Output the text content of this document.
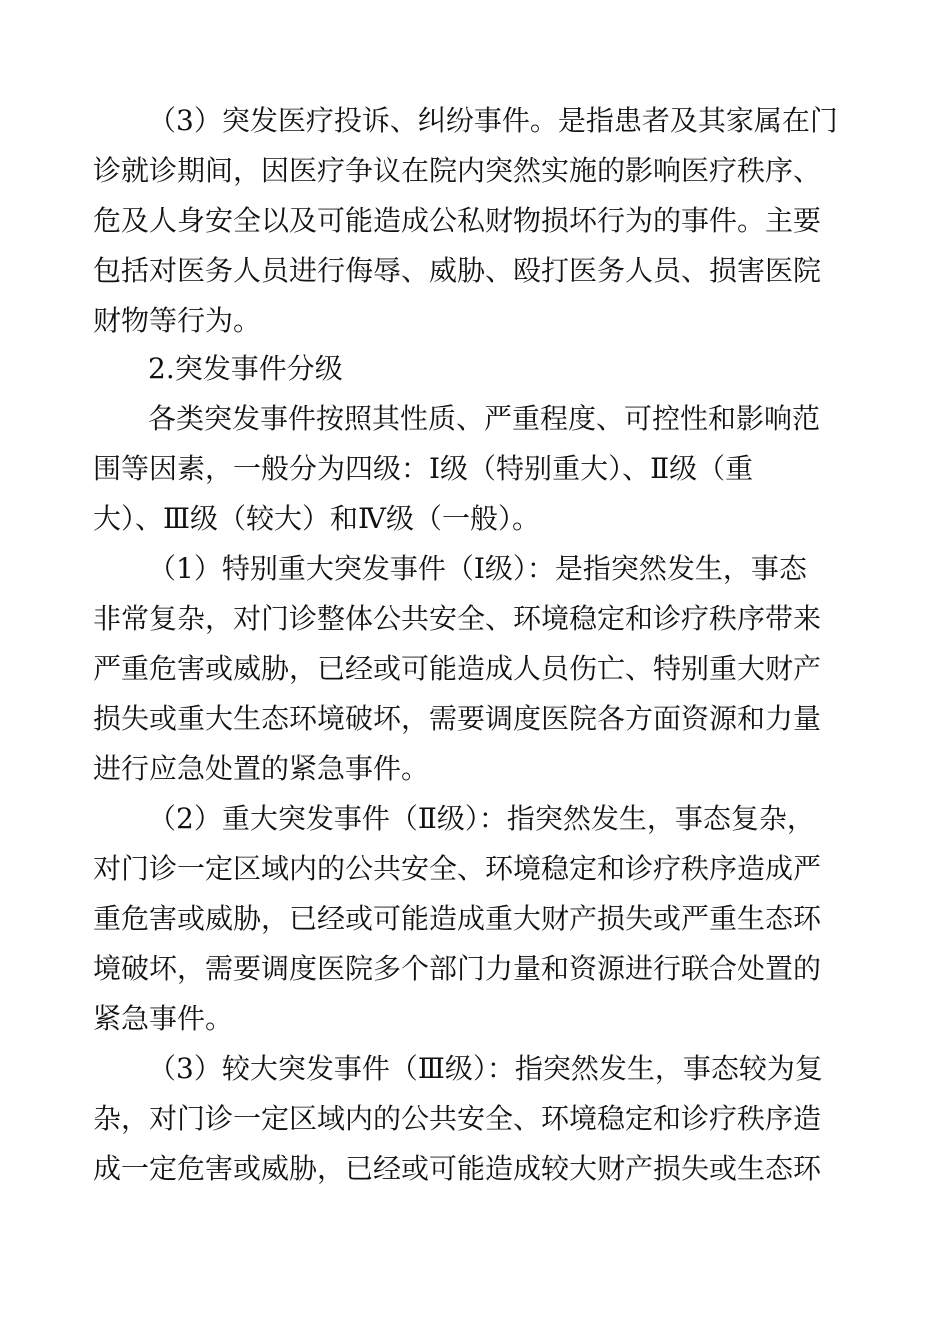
（3）突发医疗投诉、纠纷事件。是指患者及其家属在门
诊就诊期间，因医疗争议在院内突然实施的影响医疗秩序、
危及人身安全以及可能造成公私财物损坏行为的事件。主要
包括对医务人员进行侮辱、威胁、殴打医务人员、损害医院
财物等行为。
2.突发事件分级
各类突发事件按照其性质、严重程度、可控性和影响范
围等因素，一般分为四级：Ⅰ级（特别重大）、Ⅱ级（重
大）、Ⅲ级（较大）和Ⅳ级（一般）。
（1）特别重大突发事件（Ⅰ级）：是指突然发生，事态
非常复杂，对门诊整体公共安全、环境稳定和诊疗秩序带来
严重危害或威胁，已经或可能造成人员伤亡、特别重大财产
损失或重大生态环境破坏，需要调度医院各方面资源和力量
进行应急处置的紧急事件。
（2）重大突发事件（Ⅱ级）：指突然发生，事态复杂，
对门诊一定区域内的公共安全、环境稳定和诊疗秩序造成严
重危害或威胁，已经或可能造成重大财产损失或严重生态环
境破坏，需要调度医院多个部门力量和资源进行联合处置的
紧急事件。
（3）较大突发事件（Ⅲ级）：指突然发生，事态较为复
杂，对门诊一定区域内的公共安全、环境稳定和诊疗秩序造
成一定危害或威胁，已经或可能造成较大财产损失或生态环
